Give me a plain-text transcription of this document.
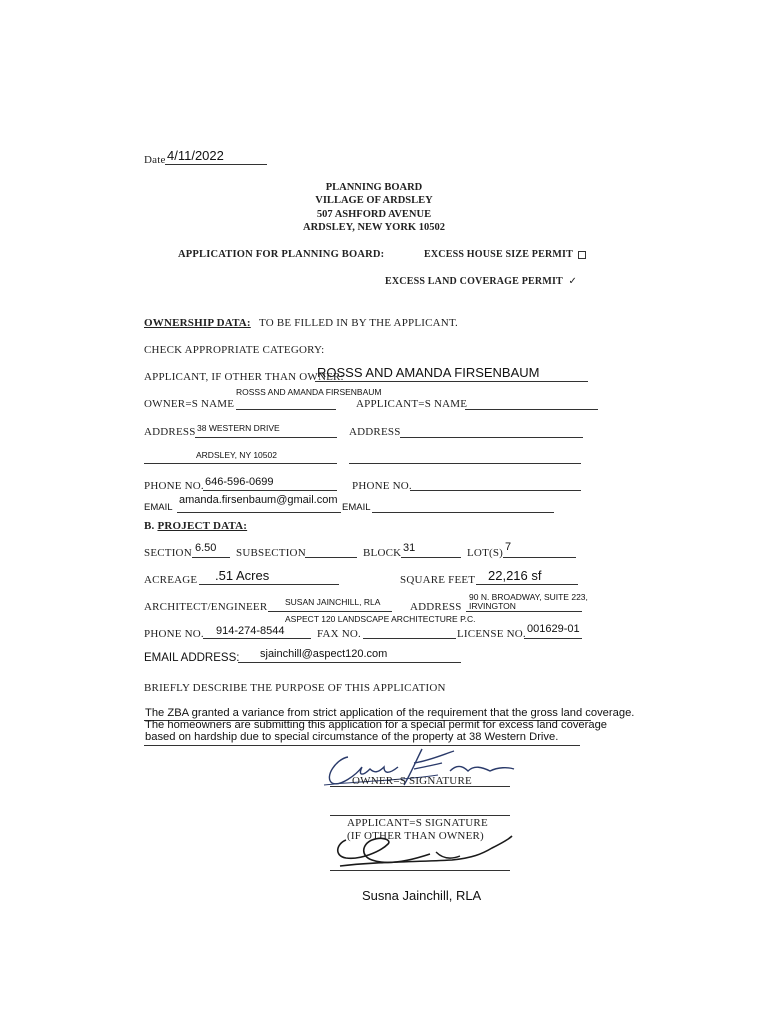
Date 4/11/2022
PLANNING BOARD
VILLAGE OF ARDSLEY
507 ASHFORD AVENUE
ARDSLEY, NEW YORK 10502
APPLICATION FOR PLANNING BOARD:	EXCESS HOUSE SIZE PERMIT
EXCESS LAND COVERAGE PERMIT ✓
OWNERSHIP DATA: TO BE FILLED IN BY THE APPLICANT.
CHECK APPROPRIATE CATEGORY:
APPLICANT, IF OTHER THAN OWNER:
ROSSS AND AMANDA FIRSENBAUM
ROSSS AND AMANDA FIRSENBAUM
OWNER=S NAME	APPLICANT=S NAME
ADDRESS 38 WESTERN DRIVE	ADDRESS
ARDSLEY, NY 10502
PHONE NO. 646-596-0699	PHONE NO.
amanda.firsenbaum@gmail.com
EMAIL	EMAIL
B. PROJECT DATA:
SECTION 6.50 SUBSECTION	BLOCK 31	LOT(S) 7
ACREAGE .51 Acres	SQUARE FEET 22,216 sf
ARCHITECT/ENGINEER SUSAN JAINCHILL, RLA	ADDRESS
90 N. BROADWAY, SUITE 223,
IRVINGTON
ASPECT 120 LANDSCAPE ARCHITECTURE P.C.
PHONE NO. 914-274-8544	FAX NO.	LICENSE NO. 001629-01
EMAIL ADDRESS: sjainchill@aspect120.com
BRIEFLY DESCRIBE THE PURPOSE OF THIS APPLICATION
The ZBA granted a variance from strict application of the requirement that the gross land coverage.
The homeowners are submitting this application for a special permit for excess land coverage
based on hardship due to special circumstance of the property at 38 Western Drive.
OWNER=S SIGNATURE
APPLICANT=S SIGNATURE
(IF OTHER THAN OWNER)
Susna Jainchill, RLA
